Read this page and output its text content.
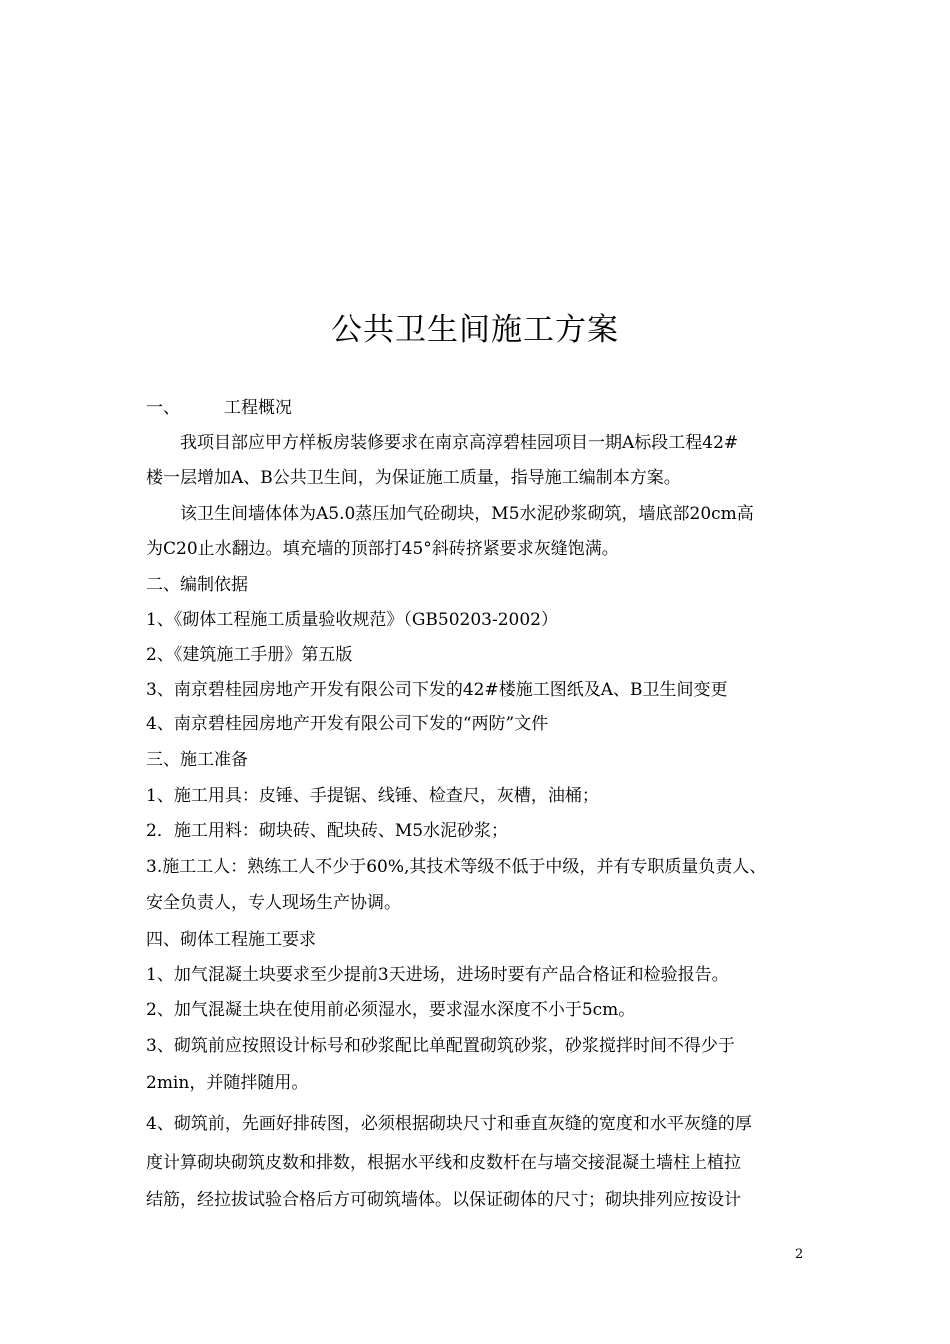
公共卫生间施工方案
一、	工程概况
我项目部应甲方样板房装修要求在南京高淳碧桂园项目一期A标段工程42#
楼一层增加A、B公共卫生间，为保证施工质量，指导施工编制本方案。
该卫生间墙体体为A5.0蒸压加气砼砌块，M5水泥砂浆砌筑，墙底部20cm高
为C20止水翻边。填充墙的顶部打45°斜砖挤紧要求灰缝饱满。
二、编制依据
1、《砌体工程施工质量验收规范》（GB50203-2002）
2、《建筑施工手册》第五版
3、南京碧桂园房地产开发有限公司下发的42#楼施工图纸及A、B卫生间变更
4、南京碧桂园房地产开发有限公司下发的“两防”文件
三、施工准备
1、施工用具：皮锤、手提锯、线锤、检查尺，灰槽，油桶；
2．施工用料：砌块砖、配块砖、M5水泥砂浆；
3.施工工人：熟练工人不少于60%,其技术等级不低于中级，并有专职质量负责人、
安全负责人，专人现场生产协调。
四、砌体工程施工要求
1、加气混凝土块要求至少提前3天进场，进场时要有产品合格证和检验报告。
2、加气混凝土块在使用前必须湿水，要求湿水深度不小于5cm。
3、砌筑前应按照设计标号和砂浆配比单配置砌筑砂浆，砂浆搅拌时间不得少于
2min，并随拌随用。
4、砌筑前，先画好排砖图，必须根据砌块尺寸和垂直灰缝的宽度和水平灰缝的厚
度计算砌块砌筑皮数和排数，根据水平线和皮数杆在与墙交接混凝土墙柱上植拉
结筋，经拉拔试验合格后方可砌筑墙体。以保证砌体的尺寸；砌块排列应按设计
2
